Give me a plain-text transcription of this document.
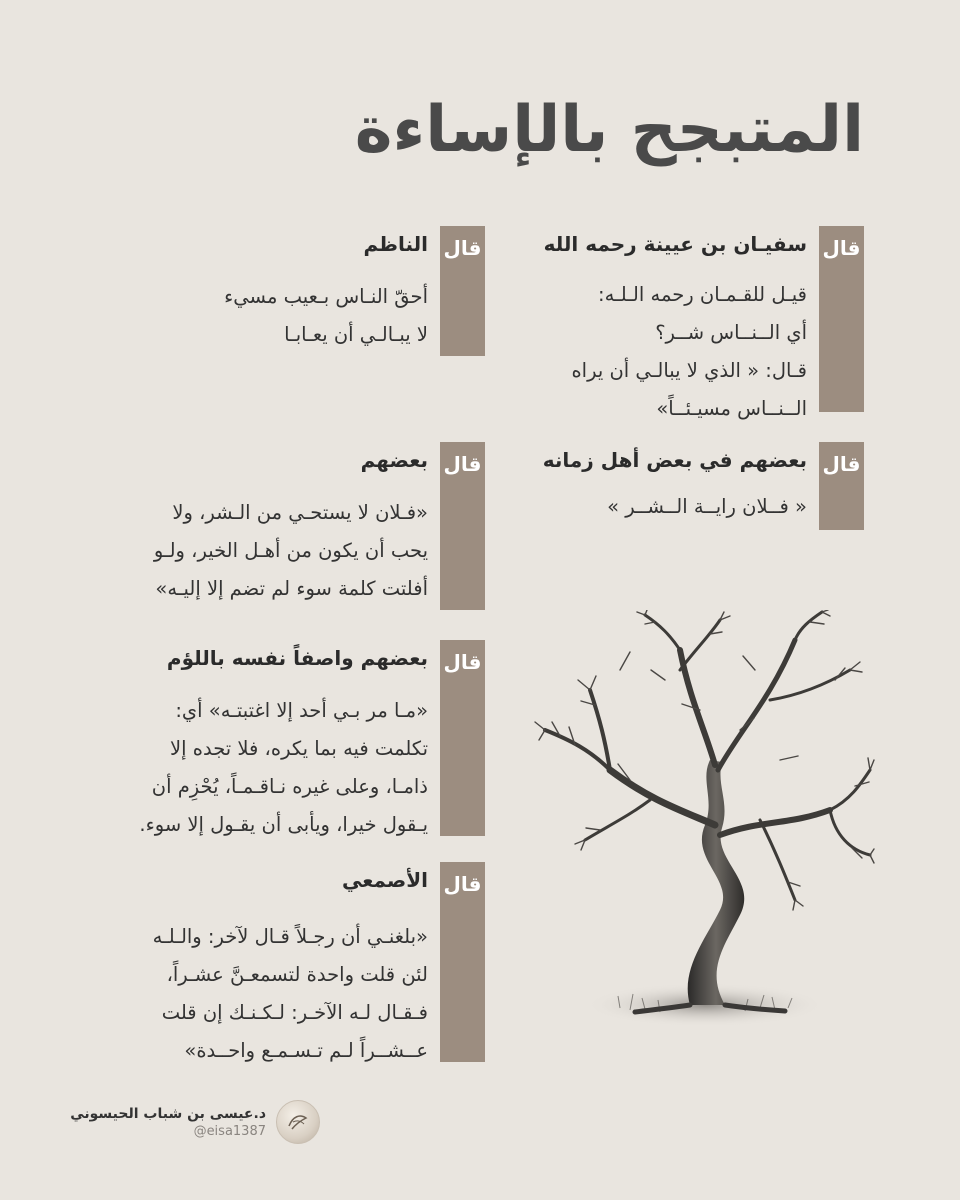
المتبجح بالإساءة
قال
سفيـان بن عيينة رحمه الله
قيـل للقـمـان رحمه الـلـه:
أي الــنــاس شــر؟
قـال: « الذي لا يبالـي أن يراه
الــنــاس مسيـئــاً»
قال
الناظم
أحقّ النـاس بـعيب مسيء
لا يبـالـي أن يعـابـا
قال
بعضهم في بعض أهل زمانه
« فــلان رايــة الــشــر »
قال
بعضهم
«فـلان لا يستحـي من الـشر، ولا
يحب أن يكون من أهـل الخير، ولـو
أفلتت كلمة سوء لم تضم إلا إليـه»
قال
بعضهم واصفاً نفسه باللؤم
«مـا مر بـي أحد إلا اغتبتـه» أي:
تكلمت فيه بما يكره، فلا تجده إلا
ذامـا، وعلى غيره نـاقـمـاً، يُحْزِم أن
يـقول خيرا، ويأبى أن يقـول إلا سوء.
قال
الأصمعي
«بلغنـي أن رجـلاً قـال لآخر: والـلـه
لئن قلت واحدة لتسمعـنَّ عشـراً،
فـقـال لـه الآخـر: لـكـنـك إن قلت
عــشــراً لـم تـسـمـع واحــدة»
د.عيسى بن شباب الحيسوني
@eisa1387
